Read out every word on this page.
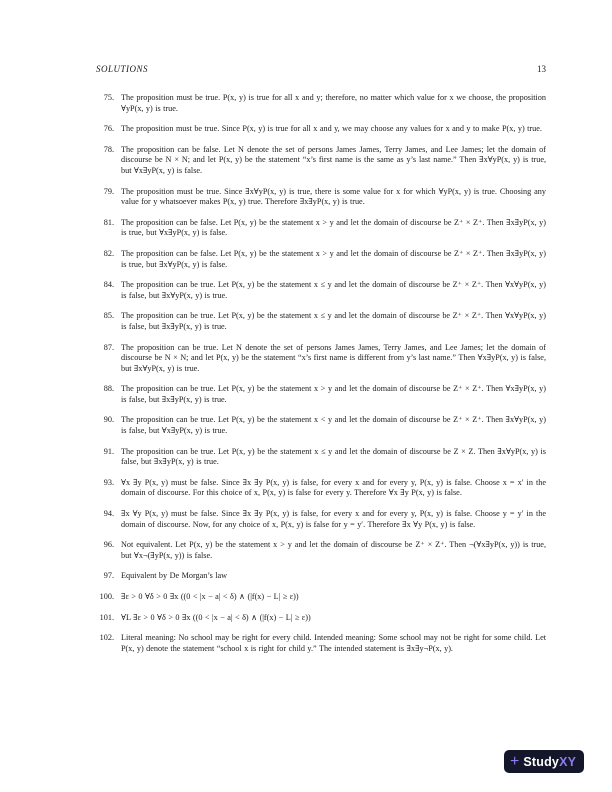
SOLUTIONS	13
75. The proposition must be true. P(x, y) is true for all x and y; therefore, no matter which value for x we choose, the proposition ∀yP(x, y) is true.
76. The proposition must be true. Since P(x, y) is true for all x and y, we may choose any values for x and y to make P(x, y) true.
78. The proposition can be false. Let N denote the set of persons James James, Terry James, and Lee James; let the domain of discourse be N × N; and let P(x, y) be the statement “x’s first name is the same as y’s last name.” Then ∃x∀yP(x, y) is true, but ∀x∃yP(x, y) is false.
79. The proposition must be true. Since ∃x∀yP(x, y) is true, there is some value for x for which ∀yP(x, y) is true. Choosing any value for y whatsoever makes P(x, y) true. Therefore ∃x∃yP(x, y) is true.
81. The proposition can be false. Let P(x, y) be the statement x > y and let the domain of discourse be Z⁺ × Z⁺. Then ∃x∃yP(x, y) is true, but ∀x∃yP(x, y) is false.
82. The proposition can be false. Let P(x, y) be the statement x > y and let the domain of discourse be Z⁺ × Z⁺. Then ∃x∃yP(x, y) is true, but ∃x∀yP(x, y) is false.
84. The proposition can be true. Let P(x, y) be the statement x ≤ y and let the domain of discourse be Z⁺ × Z⁺. Then ∀x∀yP(x, y) is false, but ∃x∀yP(x, y) is true.
85. The proposition can be true. Let P(x, y) be the statement x ≤ y and let the domain of discourse be Z⁺ × Z⁺. Then ∀x∀yP(x, y) is false, but ∃x∃yP(x, y) is true.
87. The proposition can be true. Let N denote the set of persons James James, Terry James, and Lee James; let the domain of discourse be N × N; and let P(x, y) be the statement “x’s first name is different from y’s last name.” Then ∀x∃yP(x, y) is false, but ∃x∀yP(x, y) is true.
88. The proposition can be true. Let P(x, y) be the statement x > y and let the domain of discourse be Z⁺ × Z⁺. Then ∀x∃yP(x, y) is false, but ∃x∃yP(x, y) is true.
90. The proposition can be true. Let P(x, y) be the statement x < y and let the domain of discourse be Z⁺ × Z⁺. Then ∃x∀yP(x, y) is false, but ∀x∃yP(x, y) is true.
91. The proposition can be true. Let P(x, y) be the statement x ≤ y and let the domain of discourse be Z × Z. Then ∃x∀yP(x, y) is false, but ∃x∃yP(x, y) is true.
93. ∀x ∃y P(x, y) must be false. Since ∃x ∃y P(x, y) is false, for every x and for every y, P(x, y) is false. Choose x = x′ in the domain of discourse. For this choice of x, P(x, y) is false for every y. Therefore ∀x ∃y P(x, y) is false.
94. ∃x ∀y P(x, y) must be false. Since ∃x ∃y P(x, y) is false, for every x and for every y, P(x, y) is false. Choose y = y′ in the domain of discourse. Now, for any choice of x, P(x, y) is false for y = y′. Therefore ∃x ∀y P(x, y) is false.
96. Not equivalent. Let P(x, y) be the statement x > y and let the domain of discourse be Z⁺ × Z⁺. Then ¬(∀x∃yP(x, y)) is true, but ∀x¬(∃yP(x, y)) is false.
97. Equivalent by De Morgan’s law
100. ∃ε > 0 ∀δ > 0 ∃x ((0 < |x − a| < δ) ∧ (|f(x) − L| ≥ ε))
101. ∀L ∃ε > 0 ∀δ > 0 ∃x ((0 < |x − a| < δ) ∧ (|f(x) − L| ≥ ε))
102. Literal meaning: No school may be right for every child. Intended meaning: Some school may not be right for some child. Let P(x, y) denote the statement “school x is right for child y.” The intended statement is ∃x∃y¬P(x, y).
+ Study XY
